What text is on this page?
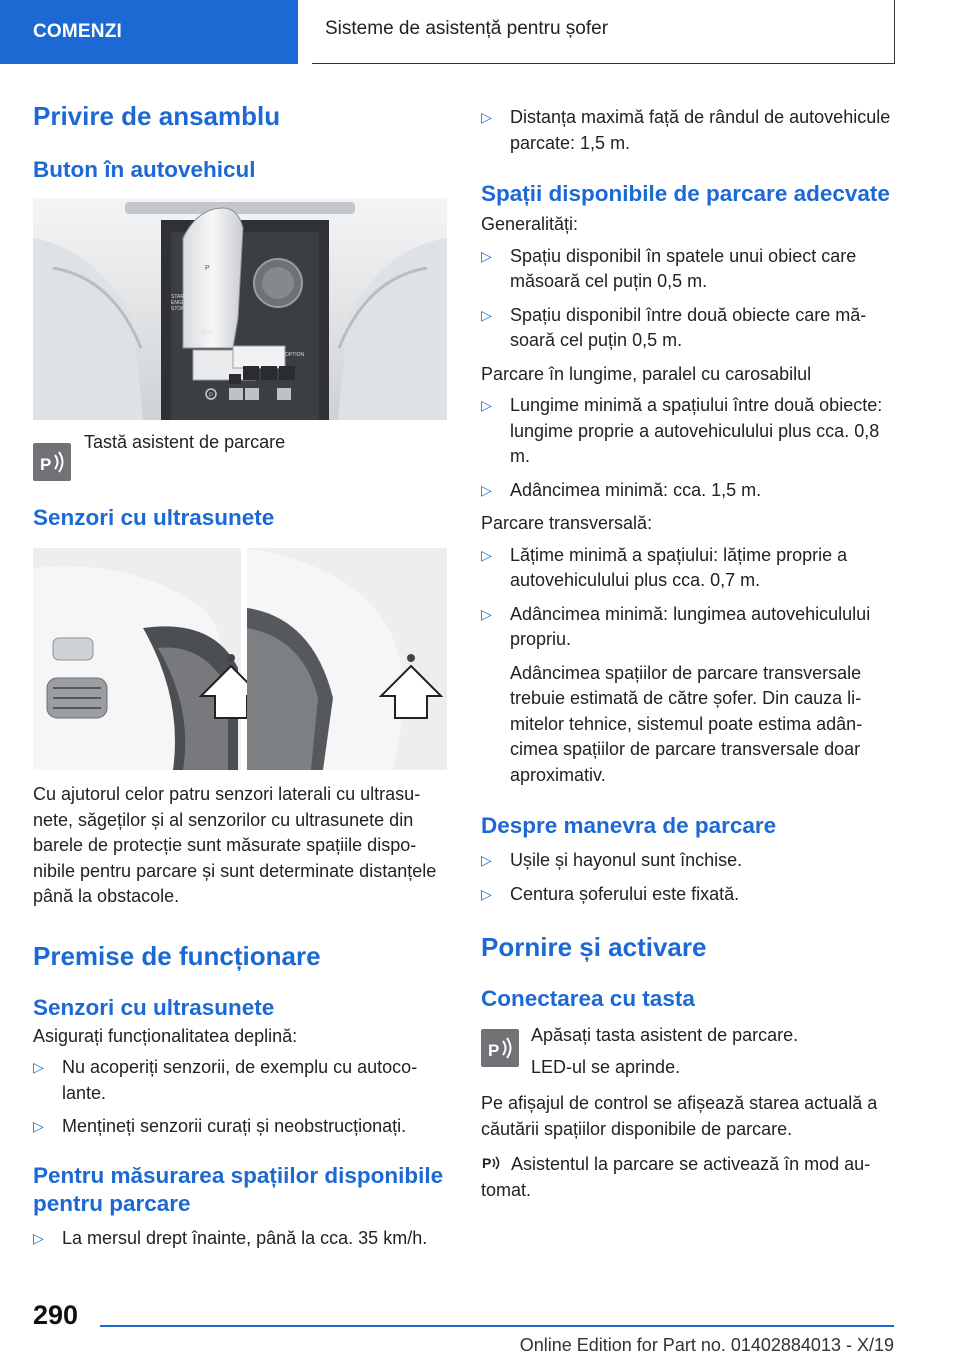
COMENZI	Sisteme de asistență pentru șofer
Privire de ansamblu
Buton în autovehicul
P
START
ENGINE
STOP
OPTION
MEM
P
P

Tastă asistent de parcare

Senzori cu ultrasunete

Cu ajutorul celor patru senzori laterali cu ultrasunete, săgeților și al senzorilor cu ultrasunete din barele de protecție sunt măsurate spațiile disponibile pentru parcare și sunt determinate distanțele până la obstacole.

Premise de funcționare
Senzori cu ultrasunete

Asigurați funcționalitatea deplină:

▷ Nu acoperiți senzorii, de exemplu cu autocolante.
▷ Mențineți senzorii curați și neobstrucționați.
Pentru măsurarea spațiilor disponibile pentru parcare
▷ La mersul drept înainte, până la cca. 35 km/h.
▷ Distanța maximă față de rândul de autovehicule parcate: 1,5 m.
Spații disponibile de parcare adecvate

Generalități:

▷ Spațiu disponibil în spatele unui obiect care măsoară cel puțin 0,5 m.
▷ Spațiu disponibil între două obiecte care măsoară cel puțin 0,5 m.

Parcare în lungime, paralel cu carosabilul

▷ Lungime minimă a spațiului între două obiecte: lungime proprie a autovehiculului plus cca. 0,8 m.
▷ Adâncimea minimă: cca. 1,5 m.

Parcare transversală:

▷ Lățime minimă a spațiului: lățime proprie a autovehiculului plus cca. 0,7 m.
▷ Adâncimea minimă: lungimea autovehiculului propriu.

Adâncimea spațiilor de parcare transversale trebuie estimată de către șofer. Din cauza limitelor tehnice, sistemul poate estima adâncimea spațiilor de parcare transversale doar aproximativ.

Despre manevra de parcare
▷ Ușile și hayonul sunt închise.
▷ Centura șoferului este fixată.
Pornire și activare
Conectarea cu tasta
P

Apăsați tasta asistent de parcare.

LED-ul se aprinde.

Pe afișajul de control se afișează starea actuală a căutării spațiilor disponibile de parcare.

P	Asistentul la parcare se activează în mod automat.

290
Online Edition for Part no. 01402884013 - X/19
